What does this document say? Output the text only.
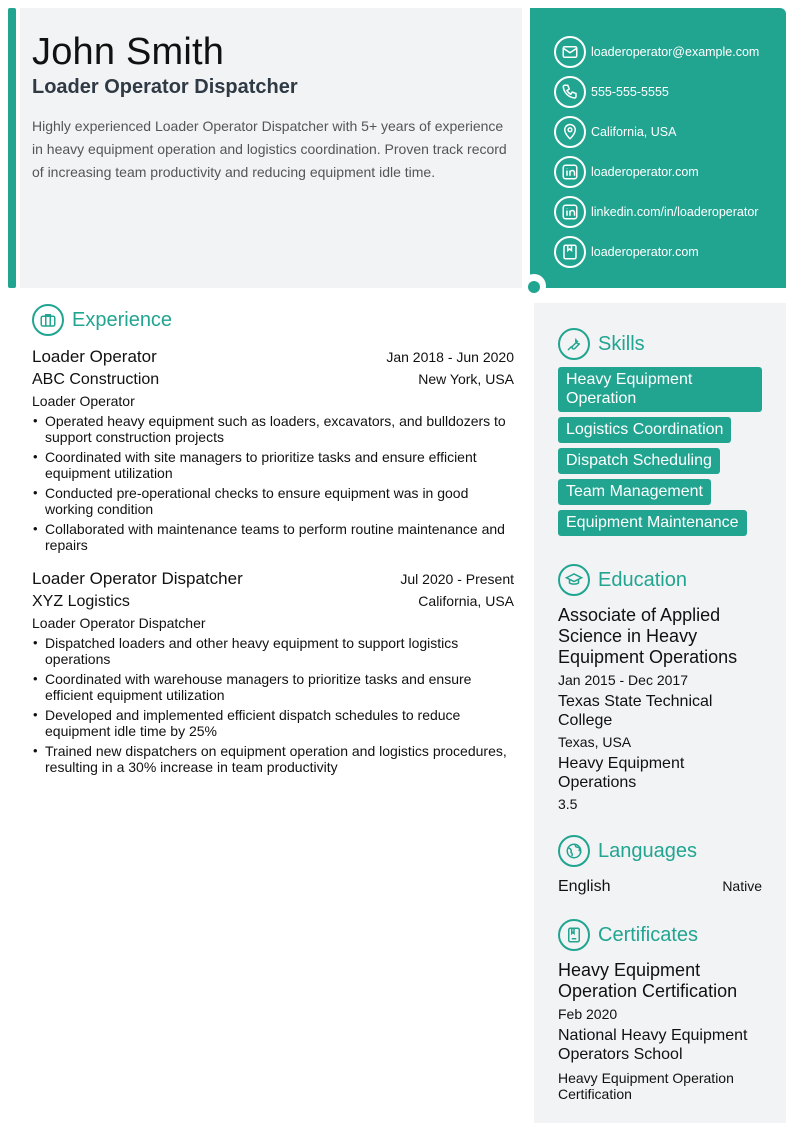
John Smith
Loader Operator Dispatcher
Highly experienced Loader Operator Dispatcher with 5+ years of experience in heavy equipment operation and logistics coordination. Proven track record of increasing team productivity and reducing equipment idle time.
loaderoperator@example.com
555-555-5555
California, USA
loaderoperator.com
linkedin.com/in/loaderoperator
loaderoperator.com
Experience
Loader Operator	Jan 2018 - Jun 2020
ABC Construction	New York, USA
Loader Operator
• Operated heavy equipment such as loaders, excavators, and bulldozers to support construction projects
• Coordinated with site managers to prioritize tasks and ensure efficient equipment utilization
• Conducted pre-operational checks to ensure equipment was in good working condition
• Collaborated with maintenance teams to perform routine maintenance and repairs
Loader Operator Dispatcher	Jul 2020 - Present
XYZ Logistics	California, USA
Loader Operator Dispatcher
• Dispatched loaders and other heavy equipment to support logistics operations
• Coordinated with warehouse managers to prioritize tasks and ensure efficient equipment utilization
• Developed and implemented efficient dispatch schedules to reduce equipment idle time by 25%
• Trained new dispatchers on equipment operation and logistics procedures, resulting in a 30% increase in team productivity
Skills
Heavy Equipment Operation
Logistics Coordination
Dispatch Scheduling
Team Management
Equipment Maintenance
Education
Associate of Applied Science in Heavy Equipment Operations
Jan 2015 - Dec 2017
Texas State Technical College
Texas, USA
Heavy Equipment Operations
3.5
Languages
English	Native
Certificates
Heavy Equipment Operation Certification
Feb 2020
National Heavy Equipment Operators School
Heavy Equipment Operation Certification
